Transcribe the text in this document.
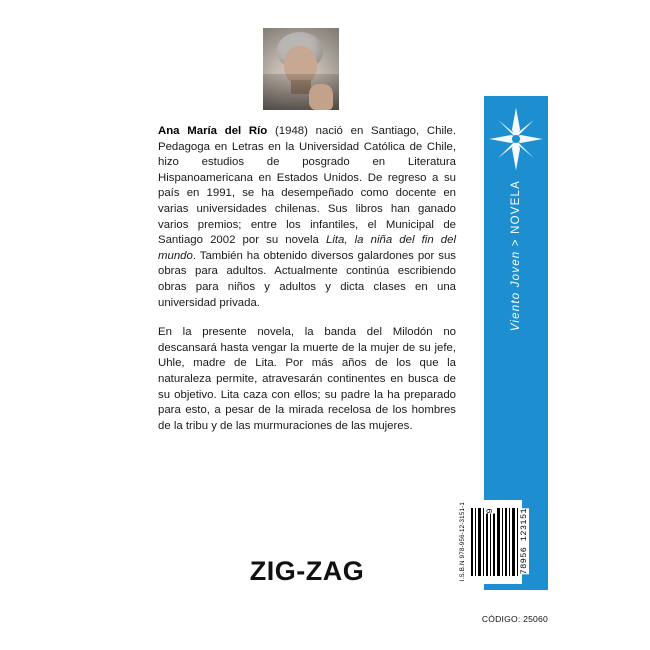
Ana María del Río (1948) nació en Santiago, Chile. Pedagoga en Letras en la Universidad Católica de Chile, hizo estudios de posgrado en Literatura Hispanoamericana en Estados Unidos. De regreso a su país en 1991, se ha desempeñado como docente en varias universidades chilenas. Sus libros han ganado varios premios; entre los infantiles, el Municipal de Santiago 2002 por su novela Lita, la niña del fin del mundo. También ha obtenido diversos galardones por sus obras para adultos. Actualmente continúa escribiendo obras para niños y adultos y dicta clases en una universidad privada.

En la presente novela, la banda del Milodón no descansará hasta vengar la muerte de la mujer de su jefe, Uhle, madre de Lita. Por más años de los que la naturaleza permite, atravesarán continentes en busca de su objetivo. Lita caza con ellos; su padre la ha preparado para esto, a pesar de la mirada recelosa de los hombres de la tribu y de las murmuraciones de las mujeres.

ZIG-ZAG
Viento Joven > NOVELA
I.S.B.N 978-956-12-3151-1 9	78956 123151
CÓDIGO: 25060
